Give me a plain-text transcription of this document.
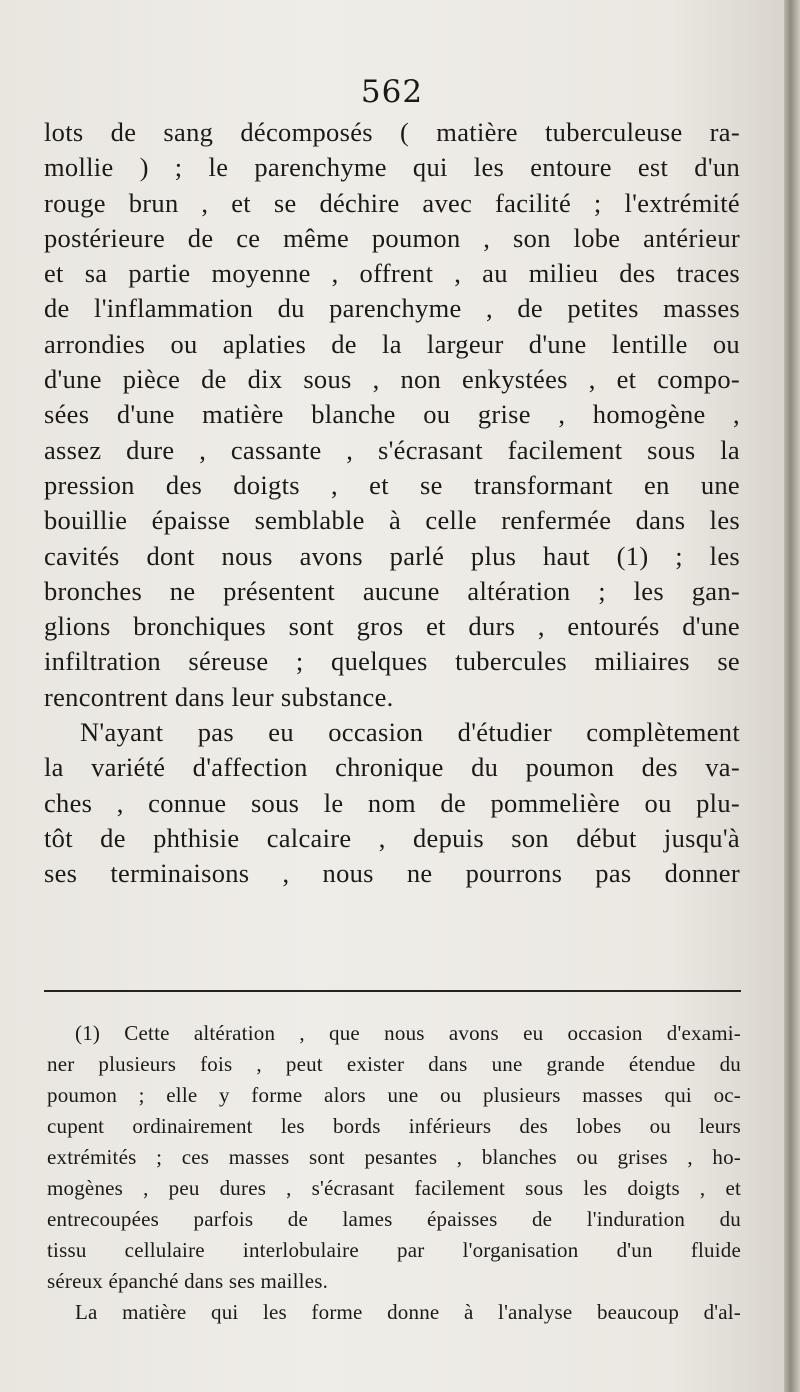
562
lots de sang décomposés ( matière tuberculeuse ra-
mollie ) ; le parenchyme qui les entoure est d'un
rouge brun , et se déchire avec facilité ; l'extrémité
postérieure de ce même poumon , son lobe antérieur
et sa partie moyenne , offrent , au milieu des traces
de l'inflammation du parenchyme , de petites masses
arrondies ou aplaties de la largeur d'une lentille ou
d'une pièce de dix sous , non enkystées , et compo-
sées d'une matière blanche ou grise , homogène ,
assez dure , cassante , s'écrasant facilement sous la
pression des doigts , et se transformant en une
bouillie épaisse semblable à celle renfermée dans les
cavités dont nous avons parlé plus haut (1) ; les
bronches ne présentent aucune altération ; les gan-
glions bronchiques sont gros et durs , entourés d'une
infiltration séreuse ; quelques tubercules miliaires se
rencontrent dans leur substance.
N'ayant pas eu occasion d'étudier complètement
la variété d'affection chronique du poumon des va-
ches , connue sous le nom de pommelière ou plu-
tôt de phthisie calcaire , depuis son début jusqu'à
ses terminaisons , nous ne pourrons pas donner
(1) Cette altération , que nous avons eu occasion d'exami-
ner plusieurs fois , peut exister dans une grande étendue du
poumon ; elle y forme alors une ou plusieurs masses qui oc-
cupent ordinairement les bords inférieurs des lobes ou leurs
extrémités ; ces masses sont pesantes , blanches ou grises , ho-
mogènes , peu dures , s'écrasant facilement sous les doigts , et
entrecoupées parfois de lames épaisses de l'induration du
tissu cellulaire interlobulaire par l'organisation d'un fluide
séreux épanché dans ses mailles.
La matière qui les forme donne à l'analyse beaucoup d'al-
